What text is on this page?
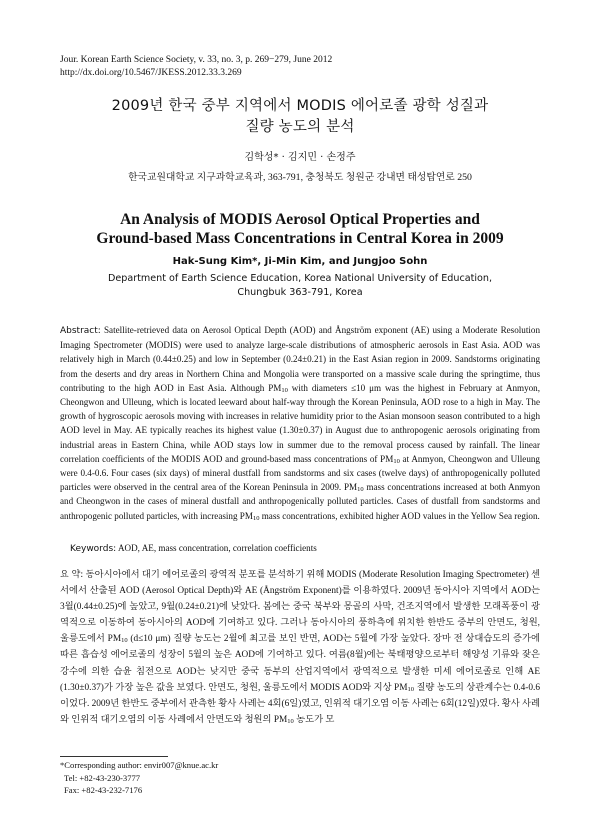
Jour. Korean Earth Science Society, v. 33, no. 3, p. 269−279, June 2012
http://dx.doi.org/10.5467/JKESS.2012.33.3.269
2009년 한국 중부 지역에서 MODIS 에어로졸 광학 성질과
질량 농도의 분석
김학성* · 김지민 · 손정주
한국교원대학교 지구과학교육과, 363-791, 충청북도 청원군 강내면 태성탑연로 250
An Analysis of MODIS Aerosol Optical Properties and
Ground-based Mass Concentrations in Central Korea in 2009
Hak-Sung Kim*, Ji-Min Kim, and Jungjoo Sohn
Department of Earth Science Education, Korea National University of Education,
Chungbuk 363-791, Korea
Abstract: Satellite-retrieved data on Aerosol Optical Depth (AOD) and Ångström exponent (AE) using a Moderate Resolution Imaging Spectrometer (MODIS) were used to analyze large-scale distributions of atmospheric aerosols in East Asia. AOD was relatively high in March (0.44±0.25) and low in September (0.24±0.21) in the East Asian region in 2009. Sandstorms originating from the deserts and dry areas in Northern China and Mongolia were transported on a massive scale during the springtime, thus contributing to the high AOD in East Asia. Although $PM_{10}$ with diameters ≤10 μm was the highest in February at Anmyon, Cheongwon and Ulleung, which is located leeward about half-way through the Korean Peninsula, AOD rose to a high in May. The growth of hygroscopic aerosols moving with increases in relative humidity prior to the Asian monsoon season contributed to a high AOD level in May. AE typically reaches its highest value (1.30±0.37) in August due to anthropogenic aerosols originating from industrial areas in Eastern China, while AOD stays low in summer due to the removal process caused by rainfall. The linear correlation coefficients of the MODIS AOD and ground-based mass concentrations of $PM_{10}$ at Anmyon, Cheongwon and Ulleung were 0.4-0.6. Four cases (six days) of mineral dustfall from sandstorms and six cases (twelve days) of anthropogenically polluted particles were observed in the central area of the Korean Peninsula in 2009. $PM_{10}$ mass concentrations increased at both Anmyon and Cheongwon in the cases of mineral dustfall and anthropogenically polluted particles. Cases of dustfall from sandstorms and anthropogenic polluted particles, with increasing $PM_{10}$ mass concentrations, exhibited higher AOD values in the Yellow Sea region.
Keywords: AOD, AE, mass concentration, correlation coefficients
요 약: 동아시아에서 대기 에어로졸의 광역적 분포를 분석하기 위해 MODIS (Moderate Resolution Imaging Spectrometer) 센서에서 산출된 AOD (Aerosol Optical Depth)와 AE (Ångström Exponent)를 이용하였다. 2009년 동아시아 지역에서 AOD는 3월(0.44±0.25)에 높았고, 9월(0.24±0.21)에 낮았다. 봄에는 중국 북부와 몽골의 사막, 건조지역에서 발생한 모래폭풍이 광역적으로 이동하여 동아시아의 AOD에 기여하고 있다. 그러나 동아시아의 풍하측에 위치한 한반도 중부의 안면도, 청원, 울릉도에서 $PM_{10}$ (d≤10 μm) 질량 농도는 2월에 최고를 보인 반면, AOD는 5월에 가장 높았다. 장마 전 상대습도의 증가에 따른 흡습성 에어로졸의 성장이 5월의 높은 AOD에 기여하고 있다. 여름(8월)에는 북태평양으로부터 해양성 기류와 잦은 강수에 의한 습윤 침전으로 AOD는 낮지만 중국 동부의 산업지역에서 광역적으로 발생한 미세 에어로졸로 인해 AE (1.30±0.37)가 가장 높은 값을 보였다. 안면도, 청원, 울릉도에서 MODIS AOD와 지상 $PM_{10}$ 질량 농도의 상관계수는 0.4-0.6이었다. 2009년 한반도 중부에서 관측한 황사 사례는 4회(6일)였고, 인위적 대기오염 이동 사례는 6회(12일)였다. 황사 사례와 인위적 대기오염의 이동 사례에서 안면도와 청원의 $PM_{10}$ 농도가 모
*Corresponding author: envir007@knue.ac.kr
Tel: +82-43-230-3777
Fax: +82-43-232-7176
